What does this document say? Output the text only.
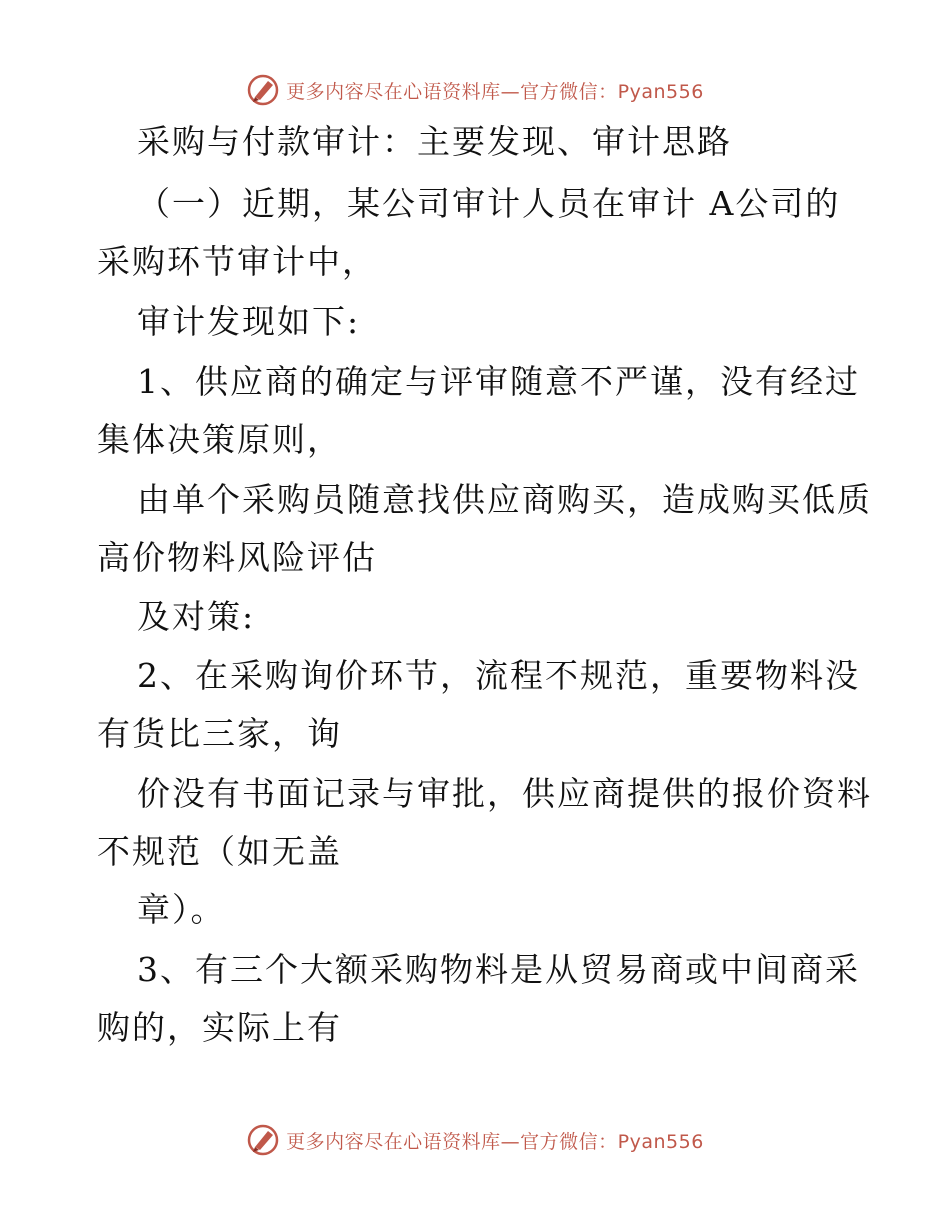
更多内容尽在心语资料库—官方微信：Pyan556
采购与付款审计：主要发现、审计思路
（一）近期，某公司审计人员在审计 A公司的
采购环节审计中，
审计发现如下:
1、供应商的确定与评审随意不严谨，没有经过
集体决策原则，
由单个采购员随意找供应商购买，造成购买低质
高价物料风险评估
及对策:
2、在采购询价环节，流程不规范，重要物料没
有货比三家，询
价没有书面记录与审批，供应商提供的报价资料
不规范（如无盖
章）。
3、有三个大额采购物料是从贸易商或中间商采
购的，实际上有
更多内容尽在心语资料库—官方微信：Pyan556
